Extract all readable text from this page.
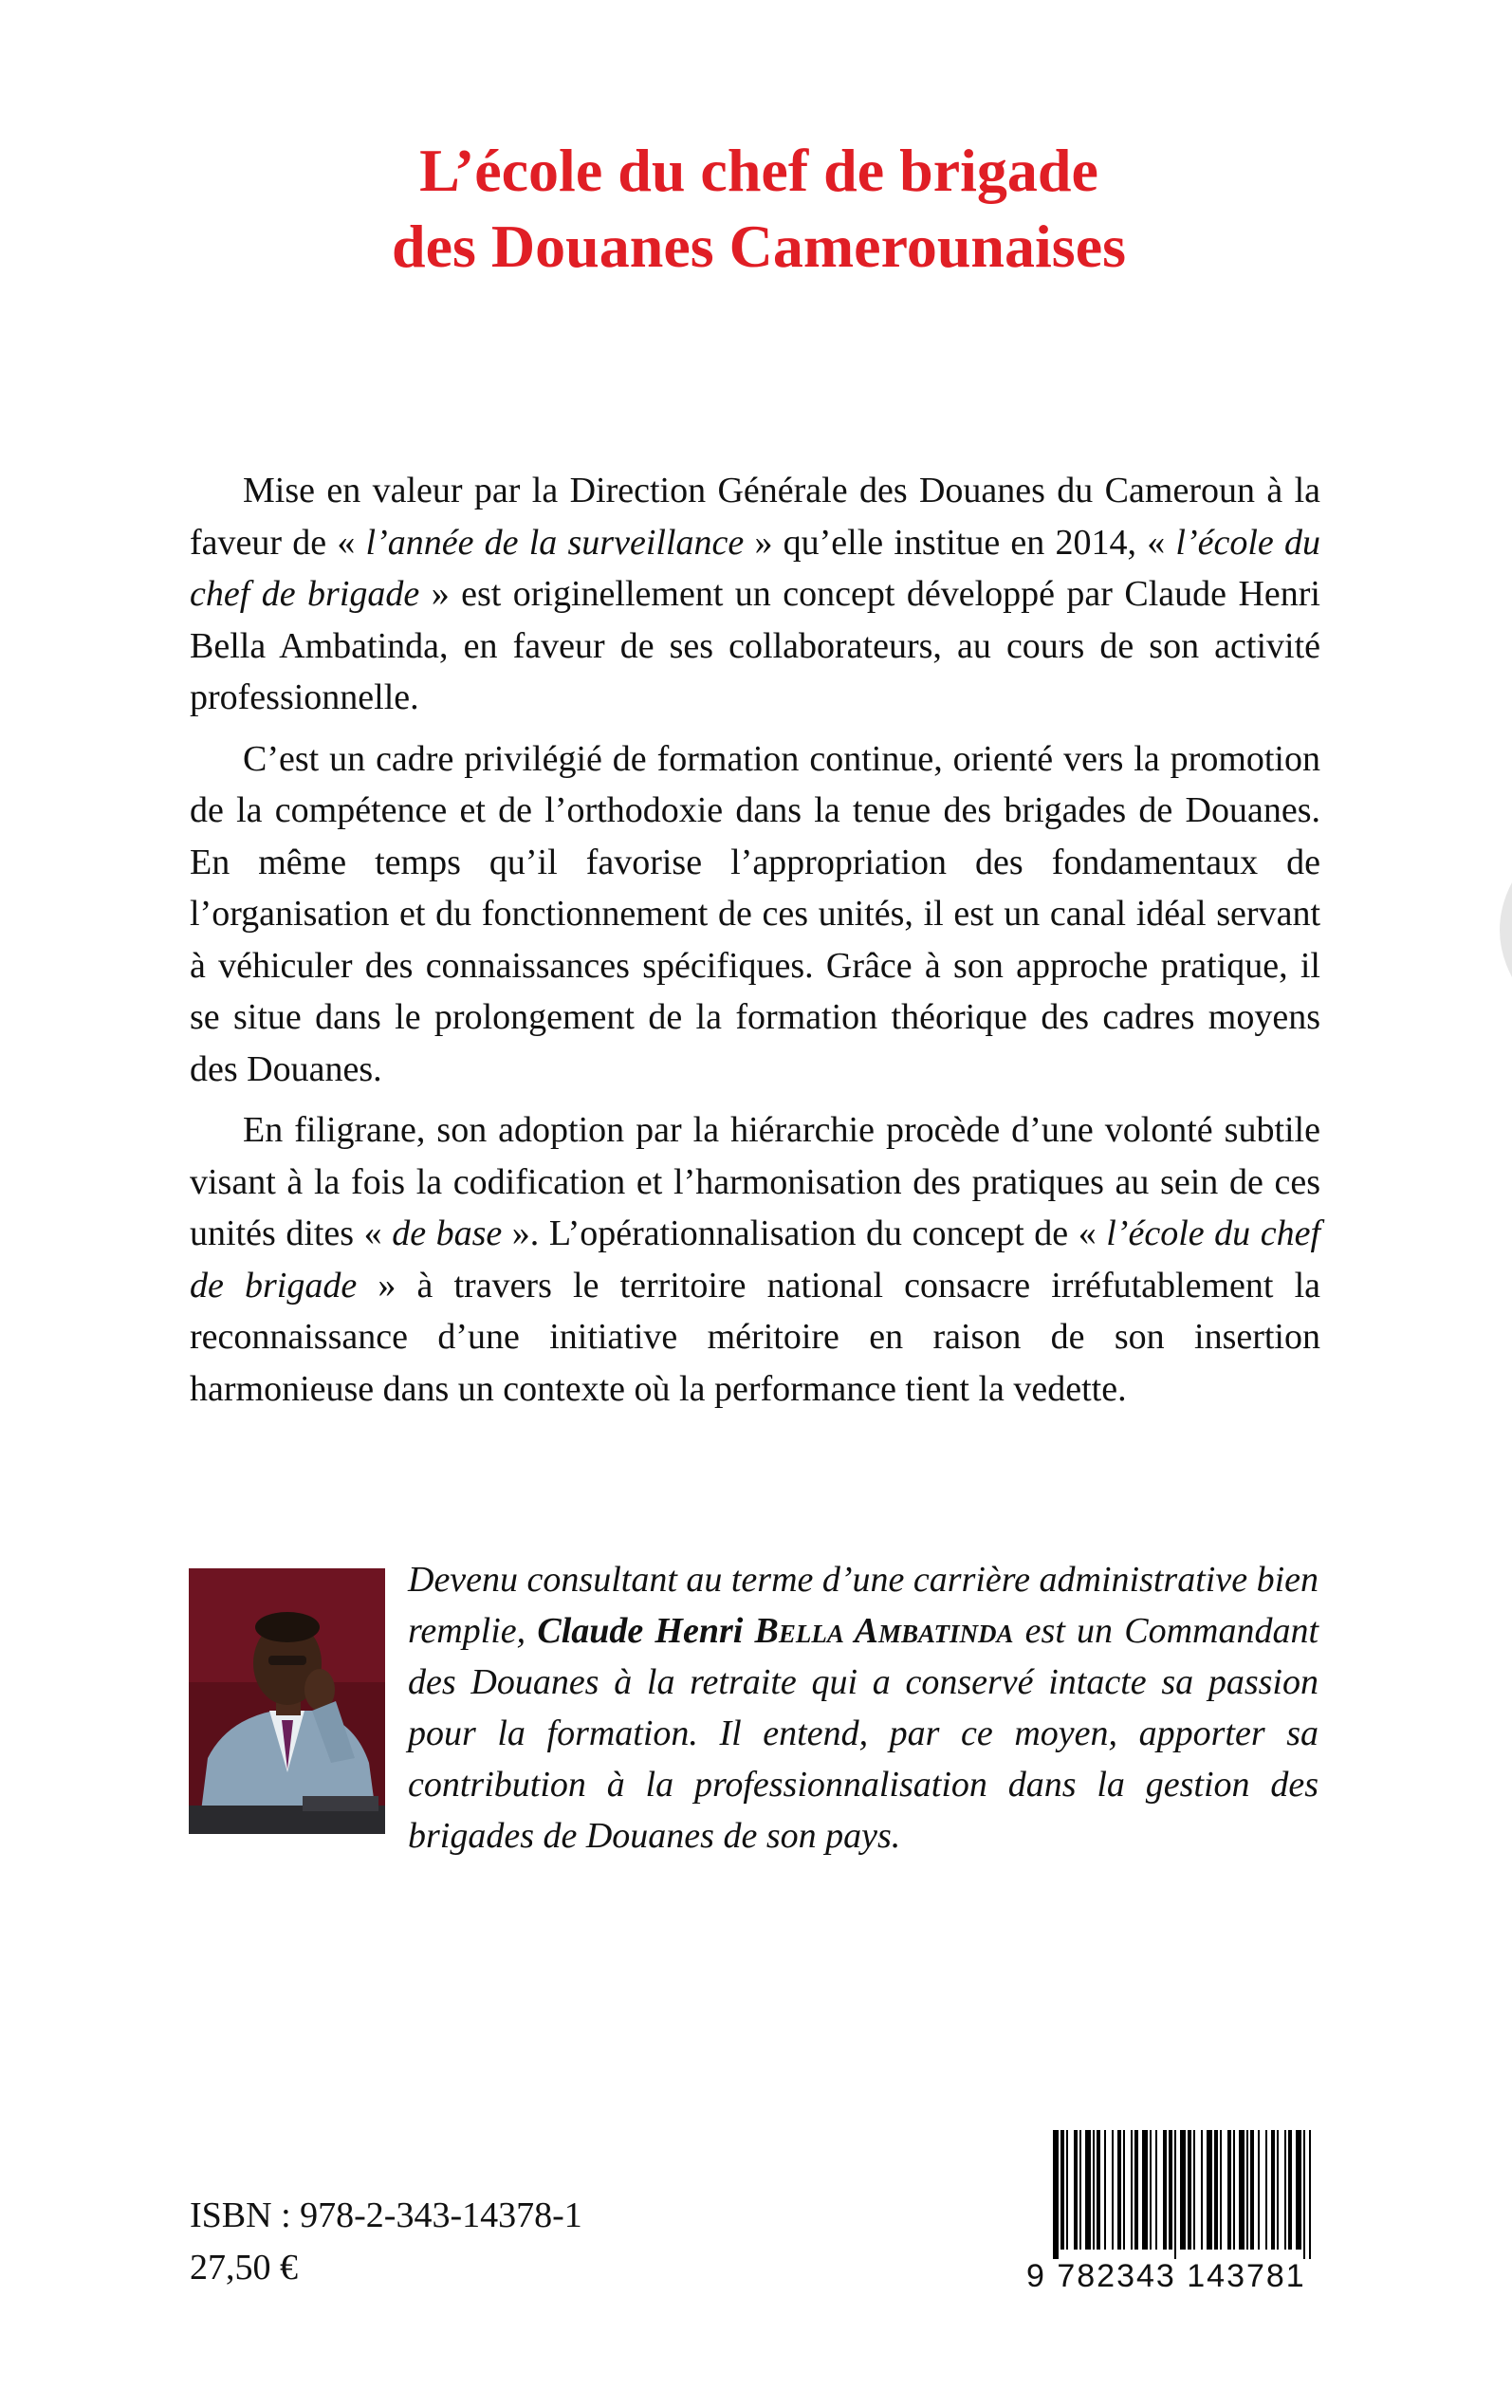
L’école du chef de brigade
des Douanes Camerounaises

Mise en valeur par la Direction Générale des Douanes du Cameroun à la faveur de « l’année de la surveillance » qu’elle institue en 2014, « l’école du chef de brigade » est originellement un concept développé par Claude Henri Bella Ambatinda, en faveur de ses collaborateurs, au cours de son activité professionnelle.

C’est un cadre privilégié de formation continue, orienté vers la promotion de la compétence et de l’orthodoxie dans la tenue des brigades de Douanes. En même temps qu’il favorise l’appropriation des fondamentaux de l’organisation et du fonctionnement de ces unités, il est un canal idéal servant à véhiculer des connaissances spécifiques. Grâce à son approche pratique, il se situe dans le prolongement de la formation théorique des cadres moyens des Douanes.

En filigrane, son adoption par la hiérarchie procède d’une volonté subtile visant à la fois la codification et l’harmonisation des pratiques au sein de ces unités dites « de base ». L’opérationnalisation du concept de « l’école du chef de brigade » à travers le territoire national consacre irréfutablement la reconnaissance d’une initiative méritoire en raison de son insertion harmonieuse dans un contexte où la performance tient la vedette.

Devenu consultant au terme d’une carrière administrative bien remplie, Claude Henri Bella Ambatinda est un Commandant des Douanes à la retraite qui a conservé intacte sa passion pour la formation. Il entend, par ce moyen, apporter sa contribution à la professionnalisation dans la gestion des brigades de Douanes de son pays.

ISBN : 978-2-343-14378-1
27,50 €	9 782343 143781
